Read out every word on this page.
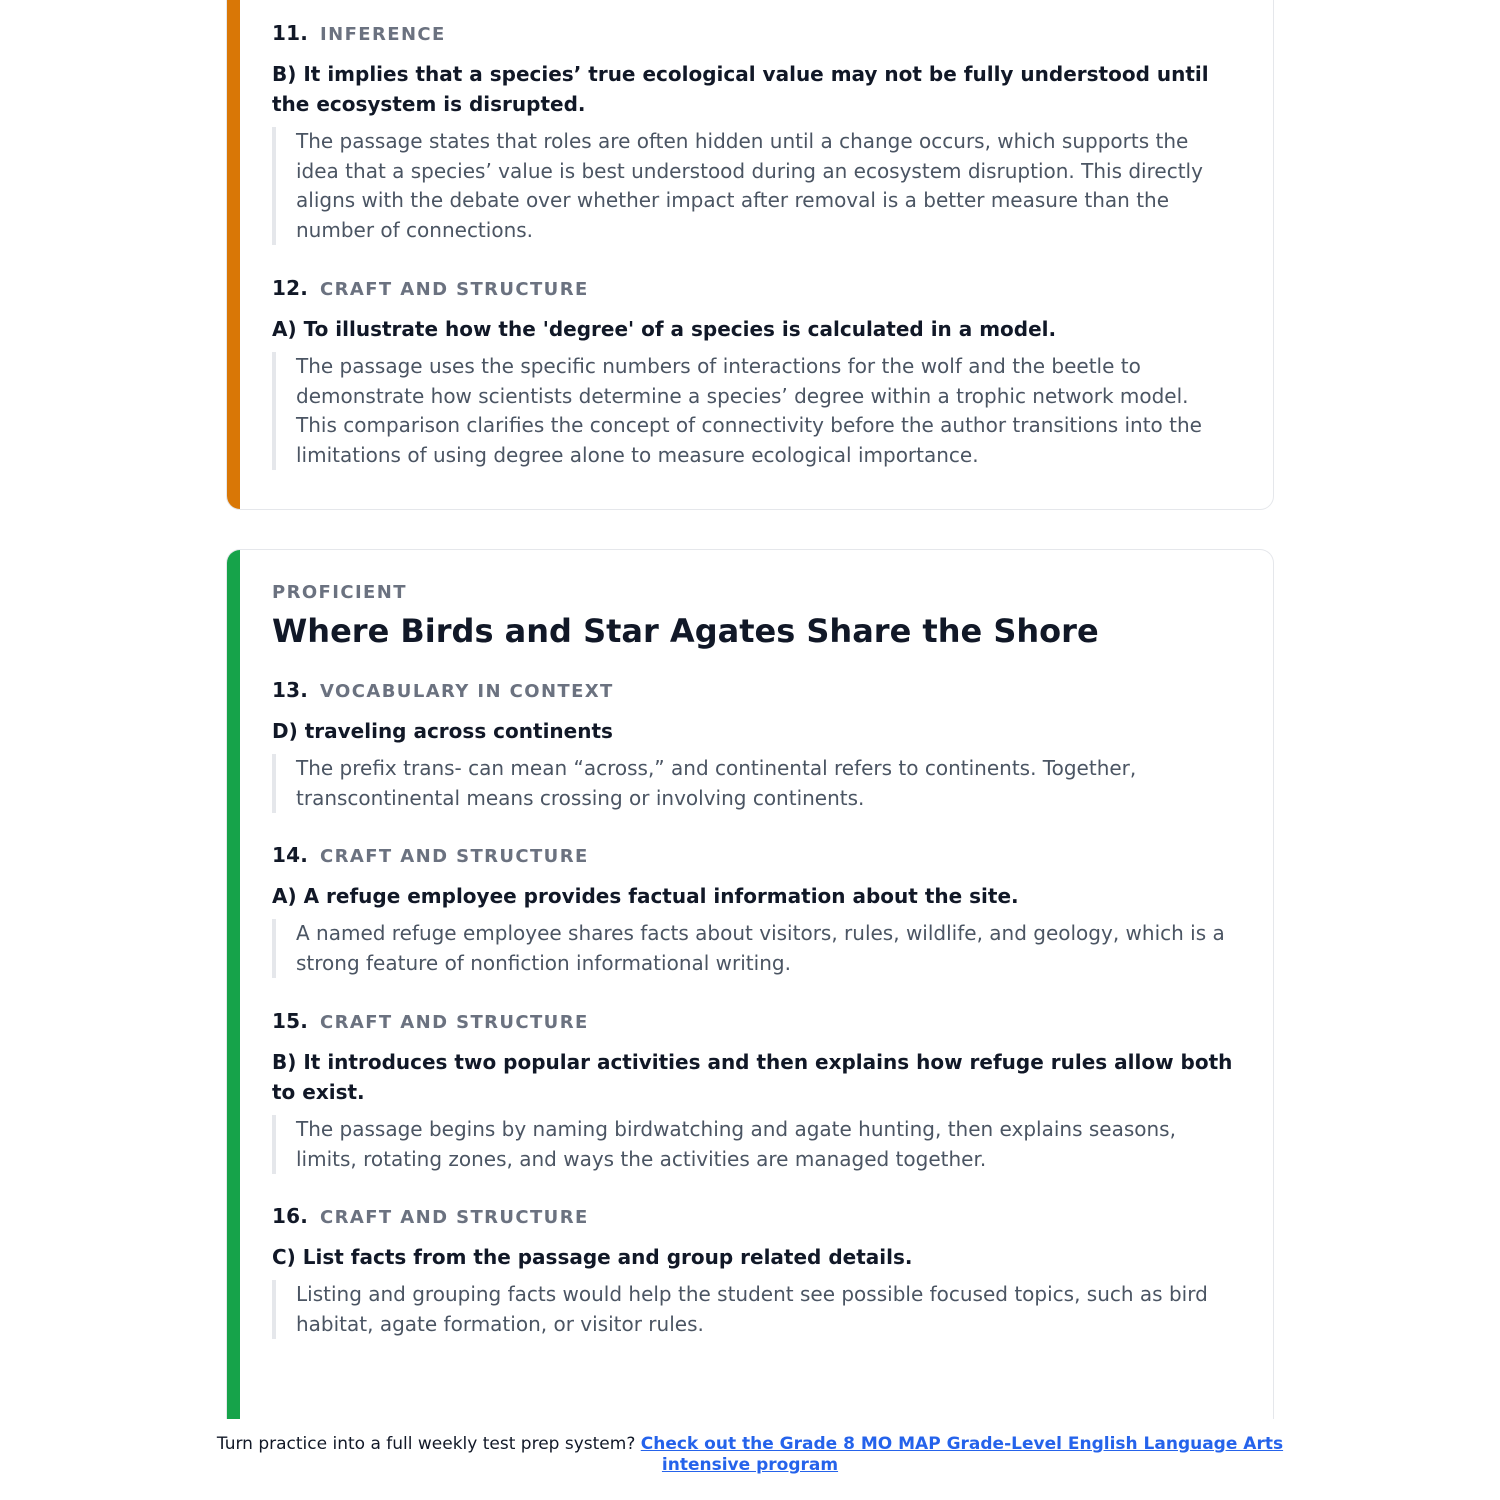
11. INFERENCE
B) It implies that a species’ true ecological value may not be fully understood until the ecosystem is disrupted.
The passage states that roles are often hidden until a change occurs, which supports the idea that a species’ value is best understood during an ecosystem disruption. This directly aligns with the debate over whether impact after removal is a better measure than the number of connections.
12. CRAFT AND STRUCTURE
A) To illustrate how the 'degree' of a species is calculated in a model.
The passage uses the specific numbers of interactions for the wolf and the beetle to demonstrate how scientists determine a species’ degree within a trophic network model. This comparison clarifies the concept of connectivity before the author transitions into the limitations of using degree alone to measure ecological importance.
PROFICIENT
Where Birds and Star Agates Share the Shore
13. VOCABULARY IN CONTEXT
D) traveling across continents
The prefix trans- can mean “across,” and continental refers to continents. Together, transcontinental means crossing or involving continents.
14. CRAFT AND STRUCTURE
A) A refuge employee provides factual information about the site.
A named refuge employee shares facts about visitors, rules, wildlife, and geology, which is a strong feature of nonfiction informational writing.
15. CRAFT AND STRUCTURE
B) It introduces two popular activities and then explains how refuge rules allow both to exist.
The passage begins by naming birdwatching and agate hunting, then explains seasons, limits, rotating zones, and ways the activities are managed together.
16. CRAFT AND STRUCTURE
C) List facts from the passage and group related details.
Listing and grouping facts would help the student see possible focused topics, such as bird habitat, agate formation, or visitor rules.
Turn practice into a full weekly test prep system? Check out the Grade 8 MO MAP Grade-Level English Language Arts intensive program
